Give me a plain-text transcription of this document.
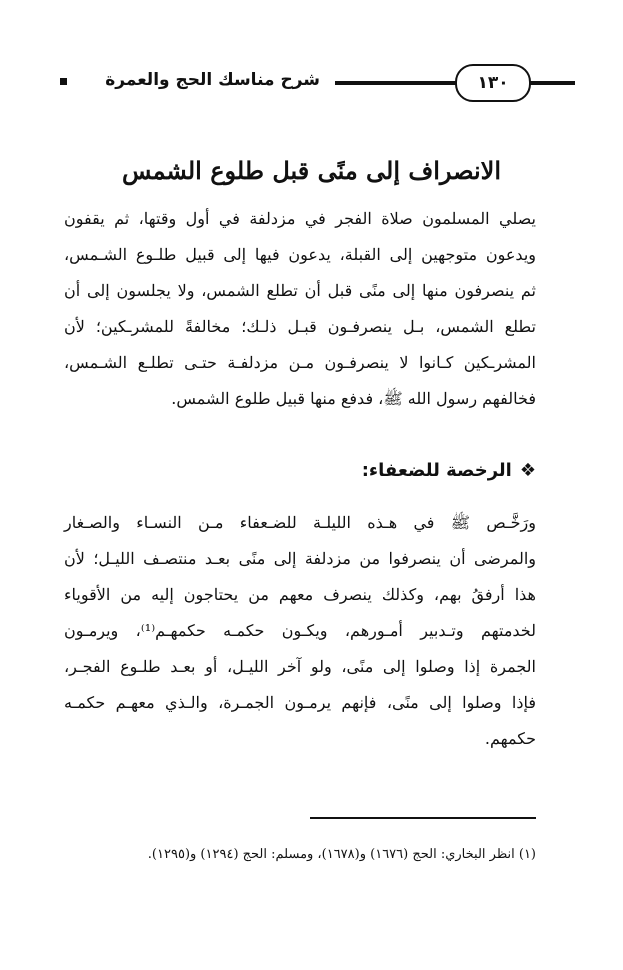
شرح مناسك الحج والعمرة	١٣٠
الانصراف إلى منًى قبل طلوع الشمس
يصلي المسلمون صلاة الفجر في مزدلفة في أول وقتها، ثم يقفون
ويدعون متوجهين إلى القبلة، يدعون فيها إلى قبيل طلـوع الشـمس،
ثم ينصرفون منها إلى منًى قبل أن تطلع الشمس، ولا يجلسون إلى أن
تطلع الشمس، بـل ينصرفـون قبـل ذلـك؛ مخالفةً للمشرـكين؛ لأن
المشرـكين كـانوا لا ينصرفـون مـن مزدلفـة حتـى تطلـع الشـمس،
فخالفهم رسول الله ﷺ، فدفع منها قبيل طلوع الشمس.
❖الرخصة للضعفاء:
ورَخَّـص ﷺ في هـذه الليلـة للضـعفاء مـن النسـاء والصـغار
والمرضى أن ينصرفوا من مزدلفة إلى منًى بعـد منتصـف الليـل؛ لأن
هذا أرفقُ بهم، وكذلك ينصرف معهم من يحتاجون إليه من الأقوياء
لخدمتهم وتـدبير أمـورهم، ويكـون حكمـه حكمهـم⁽¹⁾، ويرمـون
الجمرة إذا وصلوا إلى منًى، ولو آخر الليـل، أو بعـد طلـوع الفجـر،
فإذا وصلوا إلى منًى، فإنهم يرمـون الجمـرة، والـذي معهـم حكمـه
حكمهم.
(١) انظر البخاري: الحج (١٦٧٦) و(١٦٧٨)، ومسلم: الحج (١٢٩٤) و(١٢٩٥).
